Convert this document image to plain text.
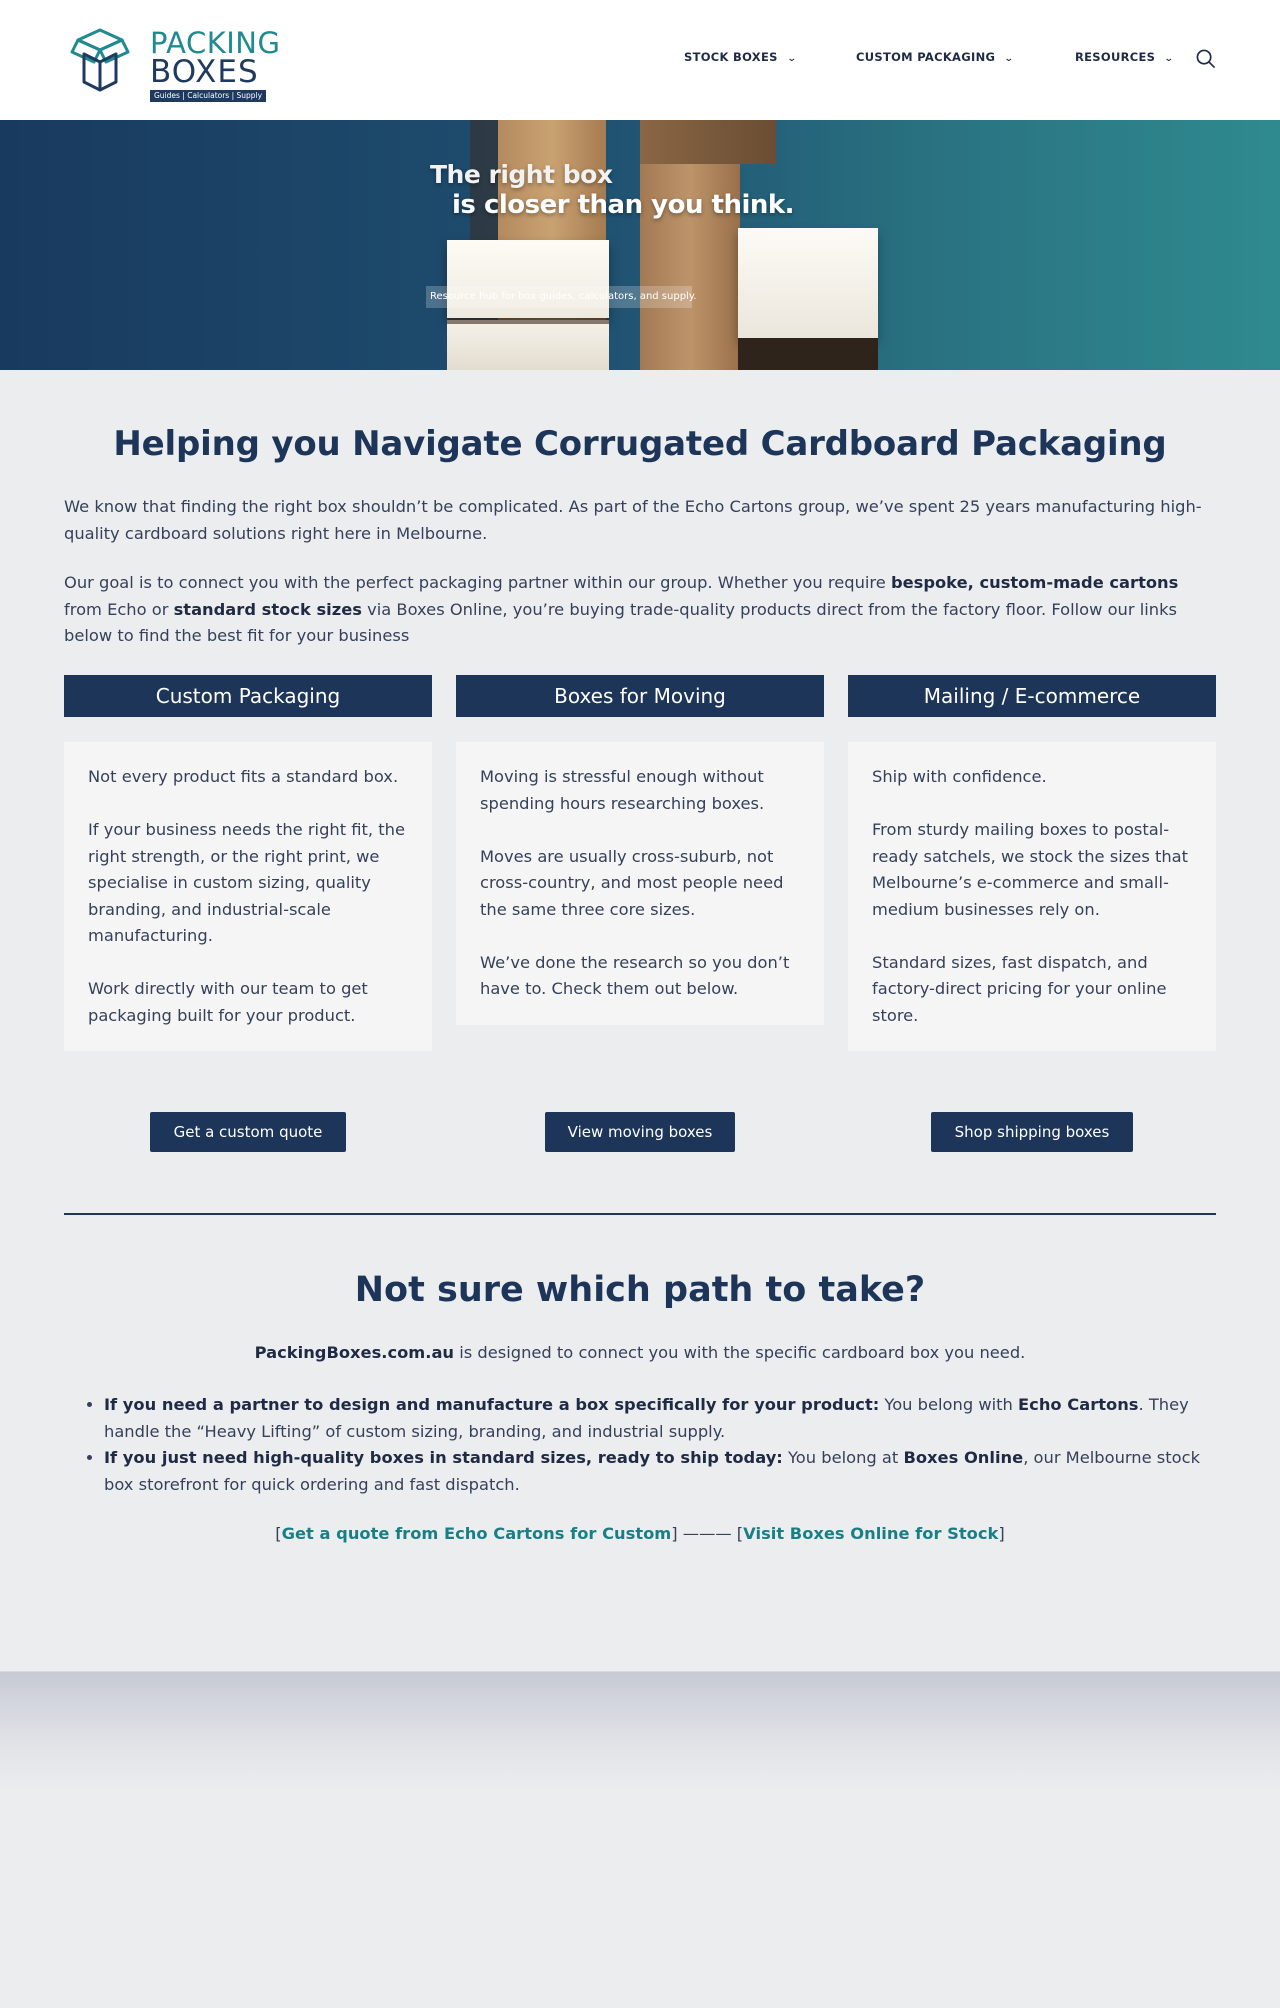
PACKING
BOXES
Guides | Calculators | Supply
STOCK BOXES ⌄	CUSTOM PACKAGING ⌄	RESOURCES ⌄
The right box
is closer than you think.
Resource hub for box guides, calculators, and supply.
Helping you Navigate Corrugated Cardboard Packaging

We know that finding the right box shouldn’t be complicated. As part of the Echo Cartons group, we’ve spent 25 years manufacturing high-quality cardboard solutions right here in Melbourne.

Our goal is to connect you with the perfect packaging partner within our group. Whether you require bespoke, custom-made cartons from Echo or standard stock sizes via Boxes Online, you’re buying trade-quality products direct from the factory floor. Follow our links below to find the best fit for your business

Custom Packaging	Boxes for Moving	Mailing / E-commerce

Not every product fits a standard box.

If your business needs the right fit, the right strength, or the right print, we specialise in custom sizing, quality branding, and industrial-scale manufacturing.

Work directly with our team to get packaging built for your product.

Moving is stressful enough without spending hours researching boxes.

Moves are usually cross-suburb, not cross-country, and most people need the same three core sizes.

We’ve done the research so you don’t have to. Check them out below.

Ship with confidence.

From sturdy mailing boxes to postal-ready satchels, we stock the sizes that Melbourne’s e-commerce and small-medium businesses rely on.

Standard sizes, fast dispatch, and factory-direct pricing for your online store.

Get a custom quote	View moving boxes	Shop shipping boxes
Not sure which path to take?

PackingBoxes.com.au is designed to connect you with the specific cardboard box you need.

• If you need a partner to design and manufacture a box specifically for your product: You belong with Echo Cartons. They handle the “Heavy Lifting” of custom sizing, branding, and industrial supply.
• If you just need high-quality boxes in standard sizes, ready to ship today: You belong at Boxes Online, our Melbourne stock box storefront for quick ordering and fast dispatch.

[Get a quote from Echo Cartons for Custom] ——— [Visit Boxes Online for Stock]
